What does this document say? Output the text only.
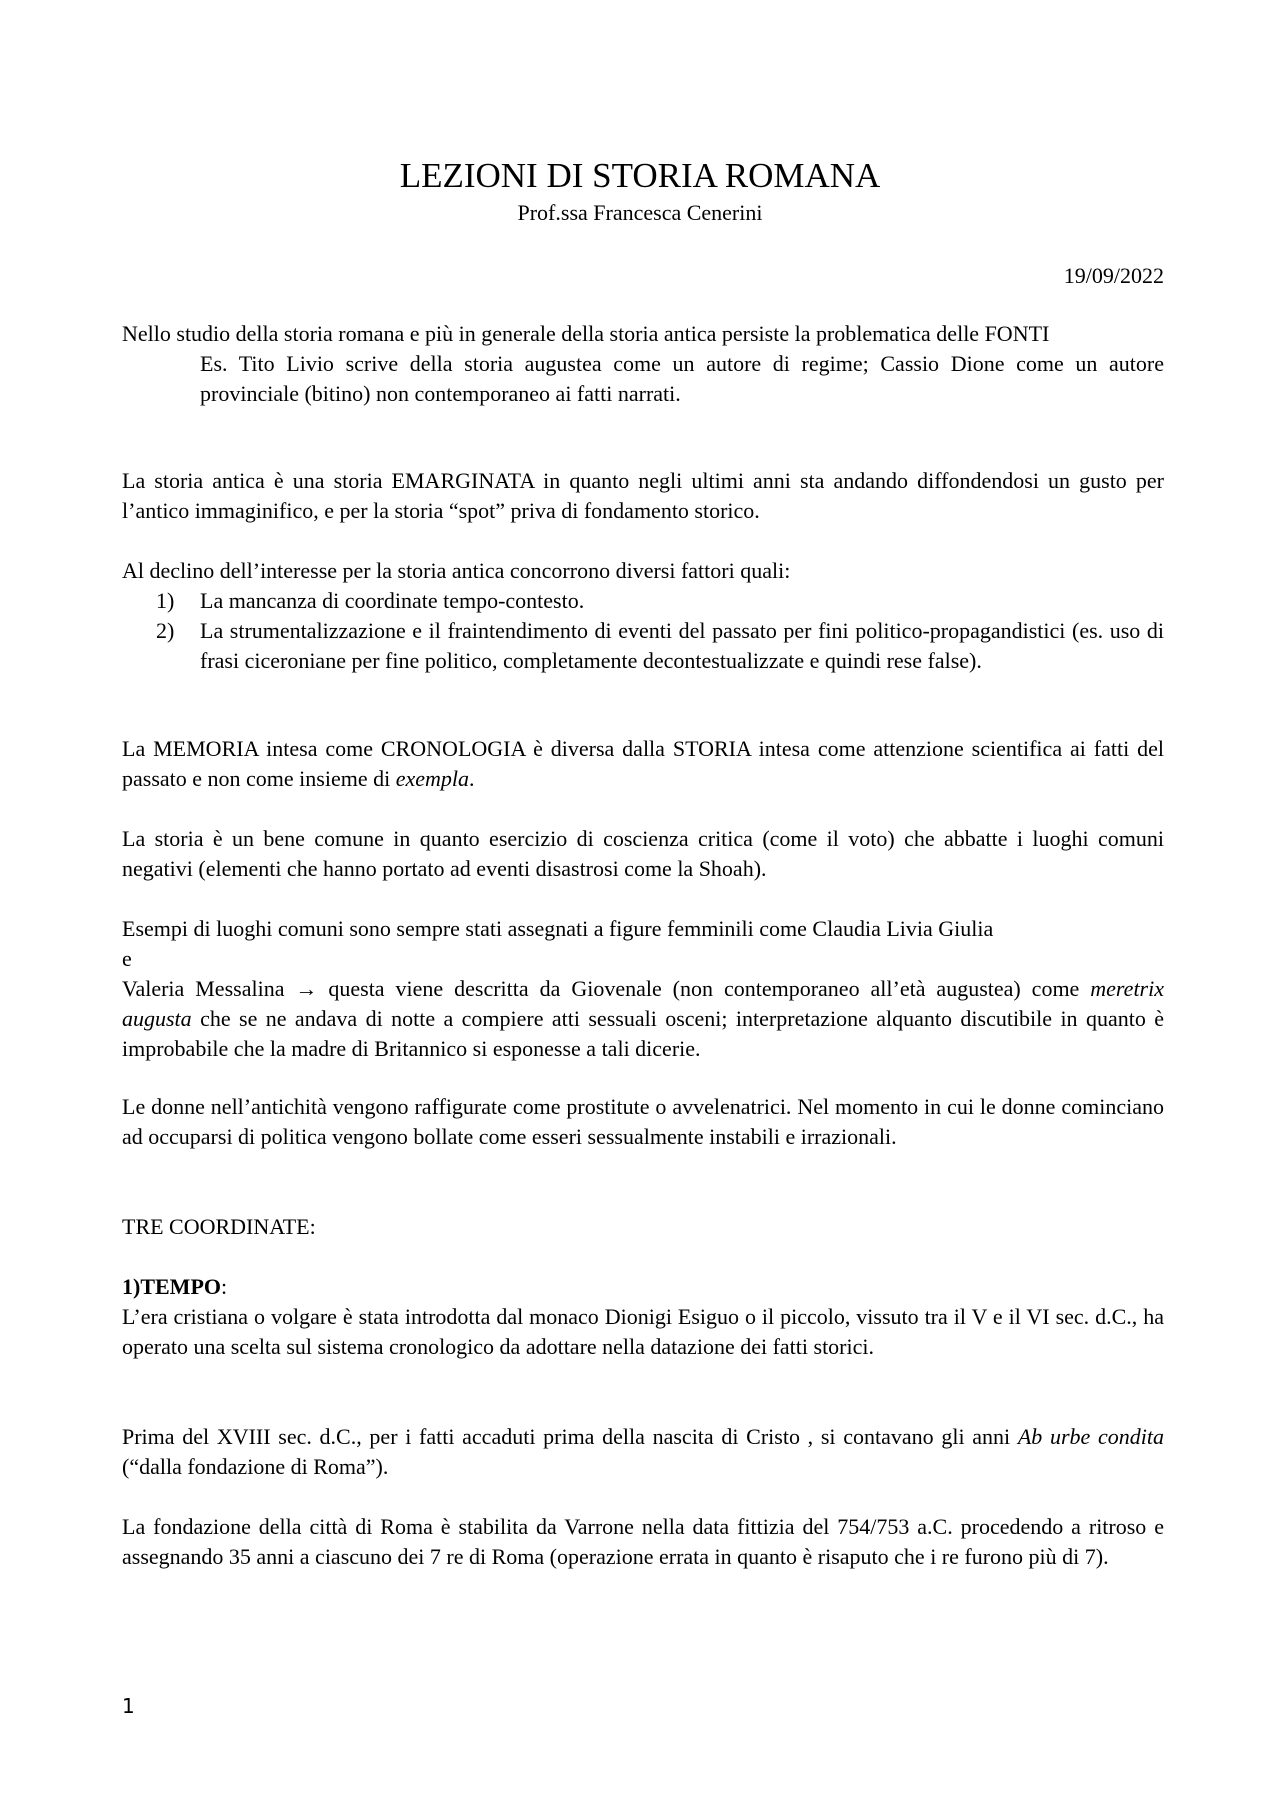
LEZIONI DI STORIA ROMANA
Prof.ssa Francesca Cenerini
19/09/2022
Nello studio della storia romana e più in generale della storia antica persiste la problematica delle FONTI
Es. Tito Livio scrive della storia augustea come un autore di regime; Cassio Dione come un autore provinciale (bitino) non contemporaneo ai fatti narrati.
La storia antica è una storia EMARGINATA in quanto negli ultimi anni sta andando diffondendosi un gusto per l’antico immaginifico, e per la storia “spot” priva di fondamento storico.
Al declino dell’interesse per la storia antica concorrono diversi fattori quali:
1) La mancanza di coordinate tempo-contesto.
2) La strumentalizzazione e il fraintendimento di eventi del passato per fini politico-propagandistici (es. uso di frasi ciceroniane per fine politico, completamente decontestualizzate e quindi rese false).
La MEMORIA intesa come CRONOLOGIA è diversa dalla STORIA intesa come attenzione scientifica ai fatti del passato e non come insieme di exempla.
La storia è un bene comune in quanto esercizio di coscienza critica (come il voto) che abbatte i luoghi comuni negativi (elementi che hanno portato ad eventi disastrosi come la Shoah).
Esempi di luoghi comuni sono sempre stati assegnati a figure femminili come Claudia Livia Giulia
e
Valeria Messalina → questa viene descritta da Giovenale (non contemporaneo all’età augustea) come meretrix augusta che se ne andava di notte a compiere atti sessuali osceni; interpretazione alquanto discutibile in quanto è improbabile che la madre di Britannico si esponesse a tali dicerie.
Le donne nell’antichità vengono raffigurate come prostitute o avvelenatrici. Nel momento in cui le donne cominciano ad occuparsi di politica vengono bollate come esseri sessualmente instabili e irrazionali.
TRE COORDINATE:
1)TEMPO:
L’era cristiana o volgare è stata introdotta dal monaco Dionigi Esiguo o il piccolo, vissuto tra il V e il VI sec. d.C., ha operato una scelta sul sistema cronologico da adottare nella datazione dei fatti storici.
Prima del XVIII sec. d.C., per i fatti accaduti prima della nascita di Cristo , si contavano gli anni Ab urbe condita (“dalla fondazione di Roma”).
La fondazione della città di Roma è stabilita da Varrone nella data fittizia del 754/753 a.C. procedendo a ritroso e assegnando 35 anni a ciascuno dei 7 re di Roma (operazione errata in quanto è risaputo che i re furono più di 7).
1
